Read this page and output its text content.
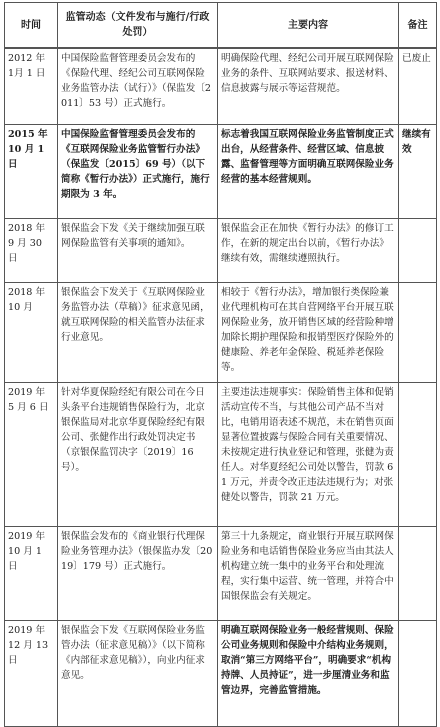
时间	监管动态（文件发布与施行/行政处罚）	主要内容	备注
2012 年 1月 1 日	中国保险监督管理委员会发布的《保险代理、经纪公司互联网保险业务监管办法（试行）》（保监发〔2011〕53 号）正式施行。	明确保险代理、经纪公司开展互联网保险业务的条件、互联网站要求、报送材料、信息披露与展示等运营规范。	已废止
2015 年 10 月 1 日	中国保险监督管理委员会发布的《互联网保险业务监管暂行办法》（保监发〔2015〕69 号）（以下简称《暂行办法》）正式施行，施行期限为 3 年。	标志着我国互联网保险业务监管制度正式出台，从经营条件、经营区域、信息披露、监督管理等方面明确互联网保险业务经营的基本经营规则。	继续有效
2018 年 9 月 30 日	银保监会下发《关于继续加强互联网保险监管有关事项的通知》。	银保监会正在加快《暂行办法》的修订工作，在新的规定出台以前，《暂行办法》继续有效，需继续遵照执行。	
2018 年 10 月	银保监会下发关于《互联网保险业务监管办法（草稿）》征求意见函，就互联网保险的相关监管办法征求行业意见。	相较于《暂行办法》，增加银行类保险兼业代理机构可在其自营网络平台开展互联网保险业务，放开销售区域的经营险种增加除长期护理保险和报销型医疗保险外的健康险、养老年金保险、税延养老保险等。	
2019 年 5 月 6 日	针对华夏保险经纪有限公司在今日头条平台违规销售保险行为，北京银保监局对北京华夏保险经纪有限公司、张健作出行政处罚决定书（京银保监罚决字〔2019〕16 号）。	主要违法违规事实：保险销售主体和促销活动宣传不当，与其他公司产品不当对比，电销用语表述不规范，未在销售页面显著位置披露与保险合同有关重要情况、未按规定进行执业登记和管理，张健为责任人。对华夏经纪公司处以警告，罚款 61 万元，并责令改正违法违规行为；对张健处以警告，罚款 21 万元。	
2019 年 10 月 1 日	银保监会发布的《商业银行代理保险业务管理办法》（银保监办发〔2019〕179 号）正式施行。	第三十九条规定，商业银行开展互联网保险业务和电话销售保险业务应当由其法人机构建立统一集中的业务平台和处理流程，实行集中运营、统一管理，并符合中国银保监会有关规定。	
2019 年 12 月 13 日	银保监会下发《互联网保险业务监管办法（征求意见稿）》（以下简称《内部征求意见稿》），向业内征求意见。	明确互联网保险业务一般经营规则、保险公司业务规则和保险中介结构业务规则，取消“第三方网络平台”，明确要求“机构持牌、人员持证”，进一步厘清业务和监管边界，完善监管措施。	
